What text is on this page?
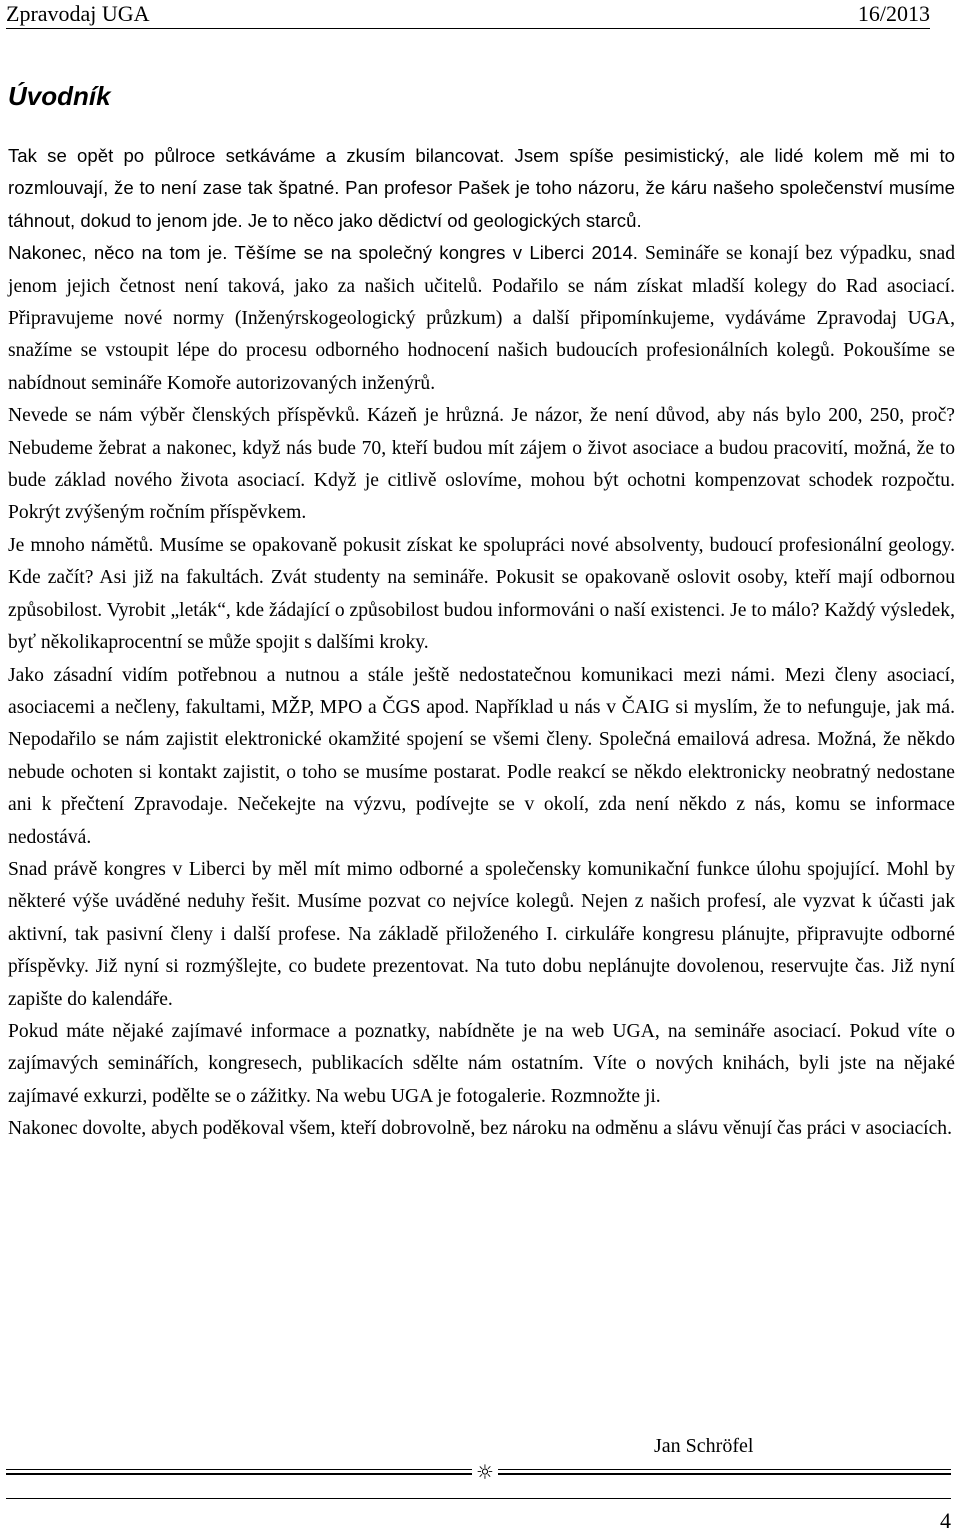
Zpravodaj UGA	16/2013
Úvodník

Tak se opět po půlroce setkáváme a zkusím bilancovat. Jsem spíše pesimistický, ale lidé kolem mě mi to rozmlouvají, že to není zase tak špatné. Pan profesor Pašek je toho názoru, že káru našeho společenství musíme táhnout, dokud to jenom jde. Je to něco jako dědictví od geologických starců.

Nakonec, něco na tom je. Těšíme se na společný kongres v Liberci 2014. Semináře se konají bez výpadku, snad jenom jejich četnost není taková, jako za našich učitelů. Podařilo se nám získat mladší kolegy do Rad asociací. Připravujeme nové normy (Inženýrskogeologický průzkum) a další připomínkujeme, vydáváme Zpravodaj UGA, snažíme se vstoupit lépe do procesu odborného hodnocení našich budoucích profesionálních kolegů. Pokoušíme se nabídnout semináře Komoře autorizovaných inženýrů.

Nevede se nám výběr členských příspěvků. Kázeň je hrůzná. Je názor, že není důvod, aby nás bylo 200, 250, proč? Nebudeme žebrat a nakonec, když nás bude 70, kteří budou mít zájem o život asociace a budou pracovití, možná, že to bude základ nového života asociací. Když je citlivě oslovíme, mohou být ochotni kompenzovat schodek rozpočtu. Pokrýt zvýšeným ročním příspěvkem.

Je mnoho námětů. Musíme se opakovaně pokusit získat ke spolupráci nové absolventy, budoucí profesionální geology. Kde začít? Asi již na fakultách. Zvát studenty na semináře. Pokusit se opakovaně oslovit osoby, kteří mají odbornou způsobilost. Vyrobit „leták“, kde žádající o způsobilost budou informováni o naší existenci. Je to málo? Každý výsledek, byť několikaprocentní se může spojit s dalšími kroky.

Jako zásadní vidím potřebnou a nutnou a stále ještě nedostatečnou komunikaci mezi námi. Mezi členy asociací, asociacemi a nečleny, fakultami, MŽP, MPO a ČGS apod. Například u nás v ČAIG si myslím, že to nefunguje, jak má. Nepodařilo se nám zajistit elektronické okamžité spojení se všemi členy. Společná emailová adresa. Možná, že někdo nebude ochoten si kontakt zajistit, o toho se musíme postarat. Podle reakcí se někdo elektronicky neobratný nedostane ani k přečtení Zpravodaje. Nečekejte na výzvu, podívejte se v okolí, zda není někdo z nás, komu se informace nedostává.

Snad právě kongres v Liberci by měl mít mimo odborné a společensky komunikační funkce úlohu spojující. Mohl by některé výše uváděné neduhy řešit. Musíme pozvat co nejvíce kolegů. Nejen z našich profesí, ale vyzvat k účasti jak aktivní, tak pasivní členy i další profese. Na základě přiloženého I. cirkuláře kongresu plánujte, připravujte odborné příspěvky. Již nyní si rozmýšlejte, co budete prezentovat. Na tuto dobu neplánujte dovolenou, reservujte čas. Již nyní zapište do kalendáře.

Pokud máte nějaké zajímavé informace a poznatky, nabídněte je na web UGA, na semináře asociací. Pokud víte o zajímavých seminářích, kongresech, publikacích sdělte nám ostatním. Víte o nových knihách, byli jste na nějaké zajímavé exkurzi, podělte se o zážitky. Na webu UGA je fotogalerie. Rozmnožte ji.

Nakonec dovolte, abych poděkoval všem, kteří dobrovolně, bez nároku na odměnu a slávu věnují čas práci v asociacích.

Jan Schröfel
☼
4
